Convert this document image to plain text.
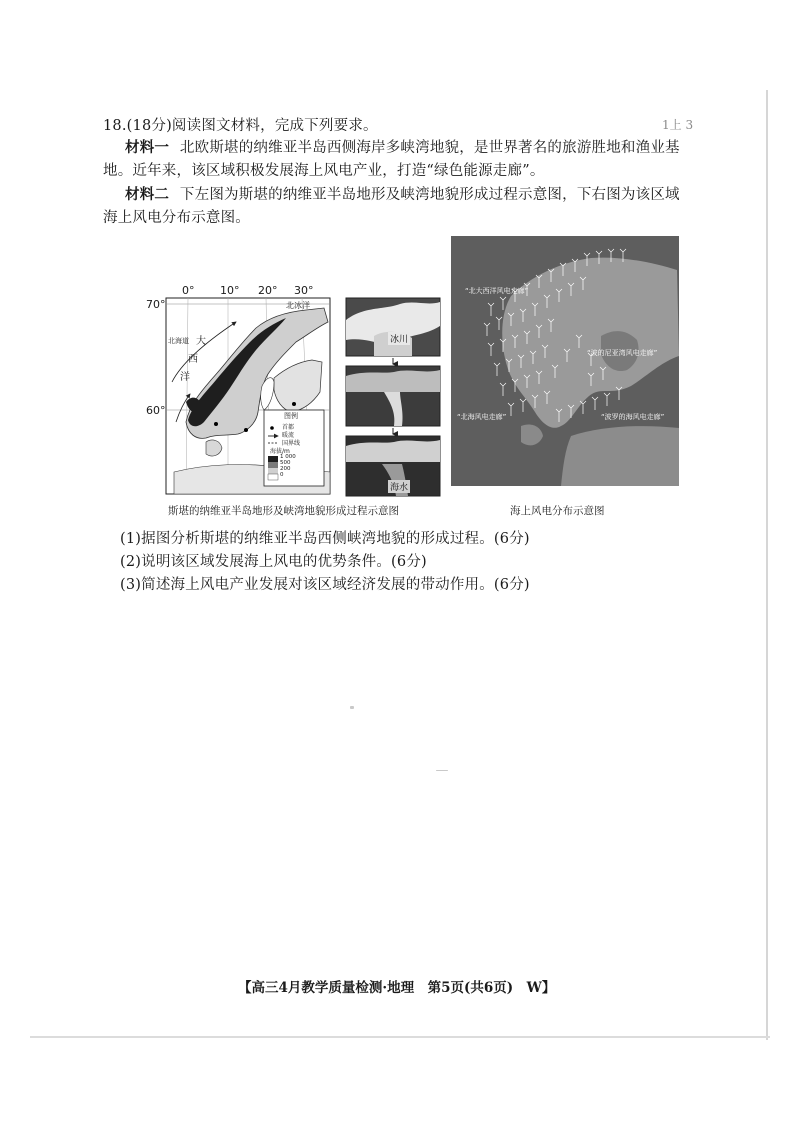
1上 3
18.(18分)阅读图文材料，完成下列要求。
材料一 北欧斯堪的纳维亚半岛西侧海岸多峡湾地貌，是世界著名的旅游胜地和渔业基
地。近年来，该区域积极发展海上风电产业，打造“绿色能源走廊”。
材料二 下左图为斯堪的纳维亚半岛地形及峡湾地貌形成过程示意图，下右图为该区域
海上风电分布示意图。
0° 10° 20° 30°
70°
60°
北冰洋
北海道 大
西
洋
图例
首都
暖流
国界线
海拔/m
1 000
500
200
0
冰川
海水
斯堪的纳维亚半岛地形及峡湾地貌形成过程示意图
“北大西洋风电走廊”
“波罗的海风电走廊”
“北海风电走廊”
“波的尼亚湾风电走廊”
海上风电分布示意图
(1)据图分析斯堪的纳维亚半岛西侧峡湾地貌的形成过程。(6分)
(2)说明该区域发展海上风电的优势条件。(6分)
(3)简述海上风电产业发展对该区域经济发展的带动作用。(6分)
【高三4月教学质量检测·地理　第5页(共6页)　W】
